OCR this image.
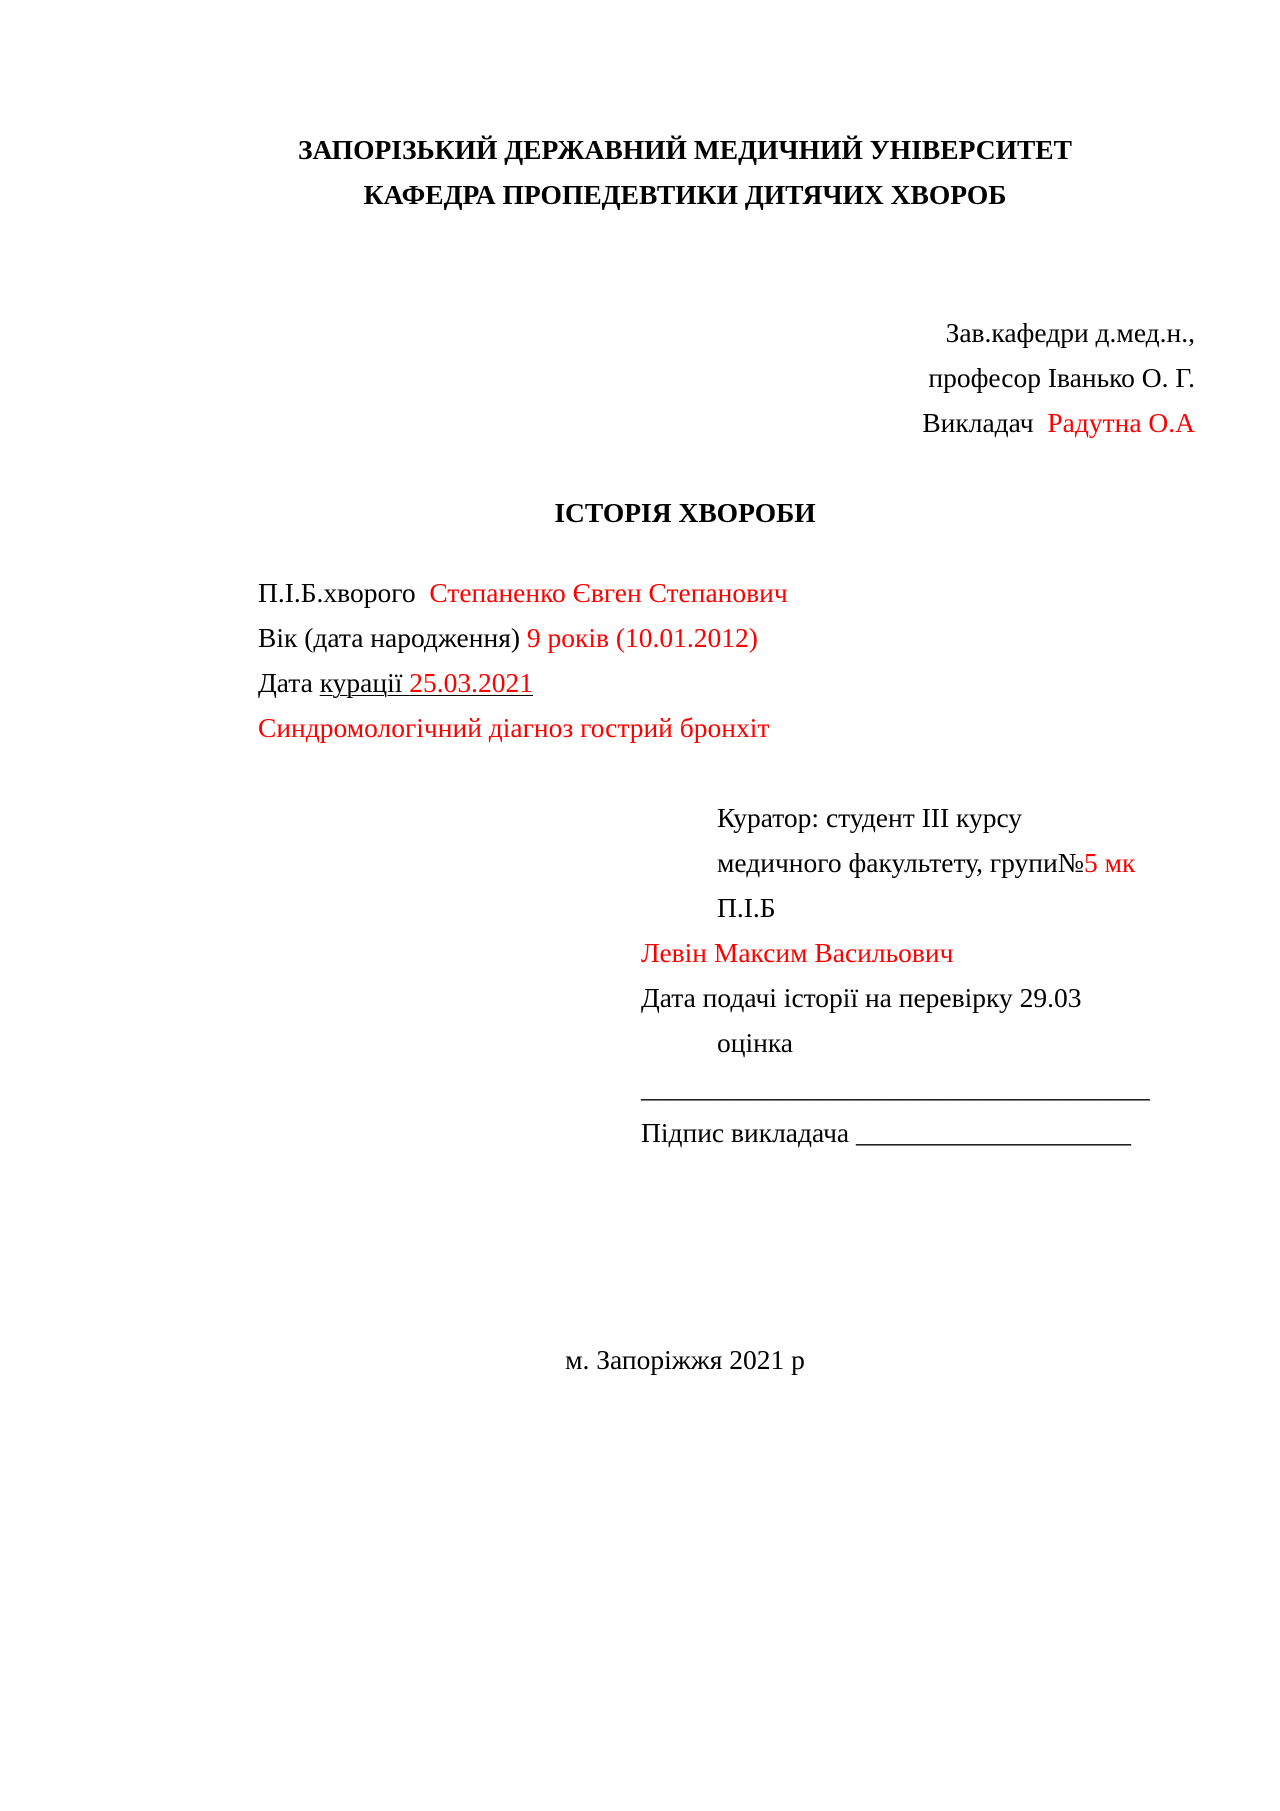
ЗАПОРІЗЬКИЙ ДЕРЖАВНИЙ МЕДИЧНИЙ УНІВЕРСИТЕТ
КАФЕДРА ПРОПЕДЕВТИКИ ДИТЯЧИХ ХВОРОБ
Зав.кафедри д.мед.н.,
професор Іванько О. Г.
Викладач Радутна О.А
ІСТОРІЯ ХВОРОБИ
П.І.Б.хворого Степаненко Євген Степанович
Вік (дата народження) 9 років (10.01.2012)
Дата курації 25.03.2021
Синдромологічний діагноз гострий бронхіт
Куратор: студент ІІІ курсу
медичного факультету, групи№5 мк
П.І.Б
Левін Максим Васильович
Дата подачі історії на перевірку 29.03
оцінка
_____________________________________
Підпис викладача ____________________
м. Запоріжжя 2021 р
